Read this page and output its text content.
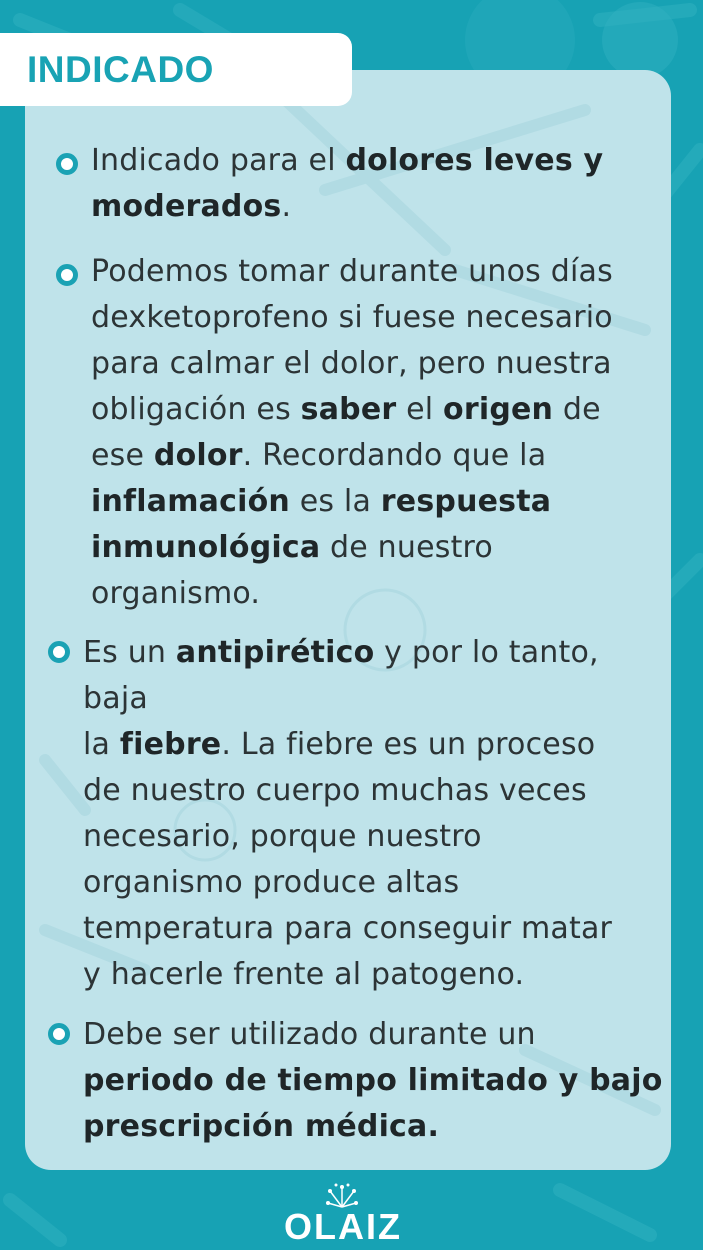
INDICADO
Indicado para el dolores leves y
moderados.
Podemos tomar durante unos días
dexketoprofeno si fuese necesario
para calmar el dolor, pero nuestra
obligación es saber el origen de
ese dolor. Recordando que la
inflamación es la respuesta
inmunológica de nuestro
organismo.
Es un antipirético y por lo tanto,
baja
la fiebre. La fiebre es un proceso
de nuestro cuerpo muchas veces
necesario, porque nuestro
organismo produce altas
temperatura para conseguir matar
y hacerle frente al patogeno.
Debe ser utilizado durante un
periodo de tiempo limitado y bajo
prescripción médica.
OLAIZ
